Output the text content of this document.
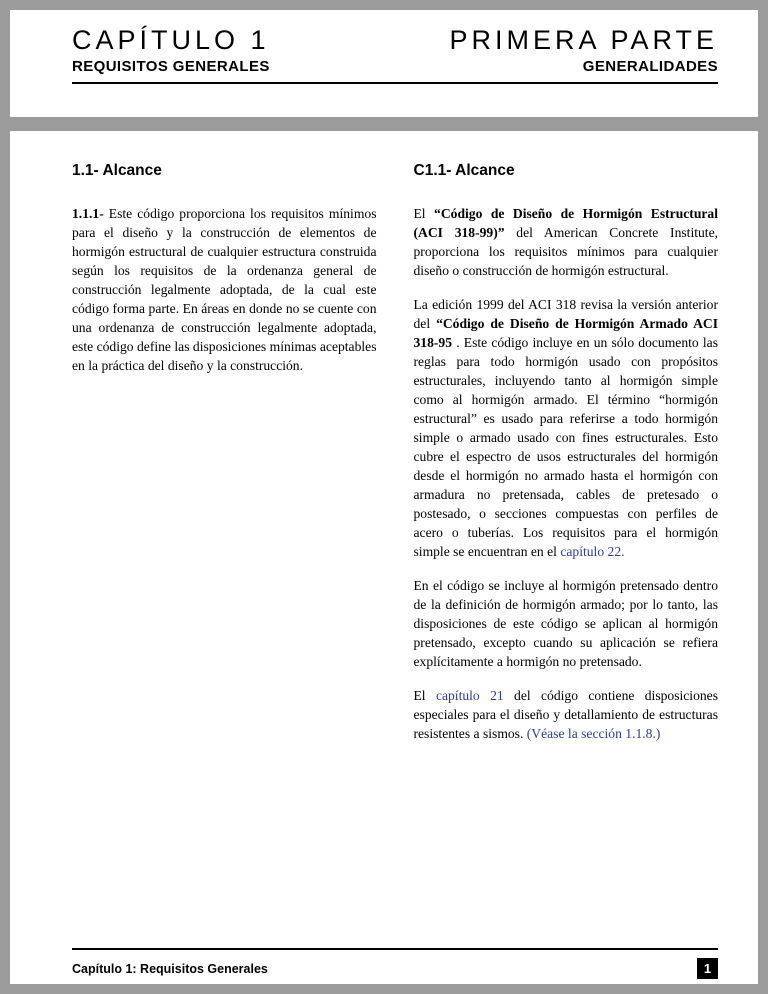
CAPÍTULO 1
REQUISITOS GENERALES
PRIMERA PARTE
GENERALIDADES
1.1- Alcance

1.1.1- Este código proporciona los requisitos mínimos para el diseño y la construcción de elementos de hormigón estructural de cualquier estructura construida según los requisitos de la ordenanza general de construcción legalmente adoptada, de la cual este código forma parte. En áreas en donde no se cuente con una ordenanza de construcción legalmente adoptada, este código define las disposiciones mínimas aceptables en la práctica del diseño y la construcción.

C1.1- Alcance

El “Código de Diseño de Hormigón Estructural (ACI 318-99)” del American Concrete Institute, proporciona los requisitos mínimos para cualquier diseño o construcción de hormigón estructural.

La edición 1999 del ACI 318 revisa la versión anterior del “Código de Diseño de Hormigón Armado ACI 318-95 . Este código incluye en un sólo documento las reglas para todo hormigón usado con propósitos estructurales, incluyendo tanto al hormigón simple como al hormigón armado. El término “hormigón estructural” es usado para referirse a todo hormigón simple o armado usado con fines estructurales. Esto cubre el espectro de usos estructurales del hormigón desde el hormigón no armado hasta el hormigón con armadura no pretensada, cables de pretesado o postesado, o secciones compuestas con perfiles de acero o tuberías. Los requisitos para el hormigón simple se encuentran en el capítulo 22.

En el código se incluye al hormigón pretensado dentro de la definición de hormigón armado; por lo tanto, las disposiciones de este código se aplican al hormigón pretensado, excepto cuando su aplicación se refiera explícitamente a hormigón no pretensado.

El capítulo 21 del código contiene disposiciones especiales para el diseño y detallamiento de estructuras resistentes a sismos. (Véase la sección 1.1.8.)

Capítulo 1: Requisitos Generales	1
